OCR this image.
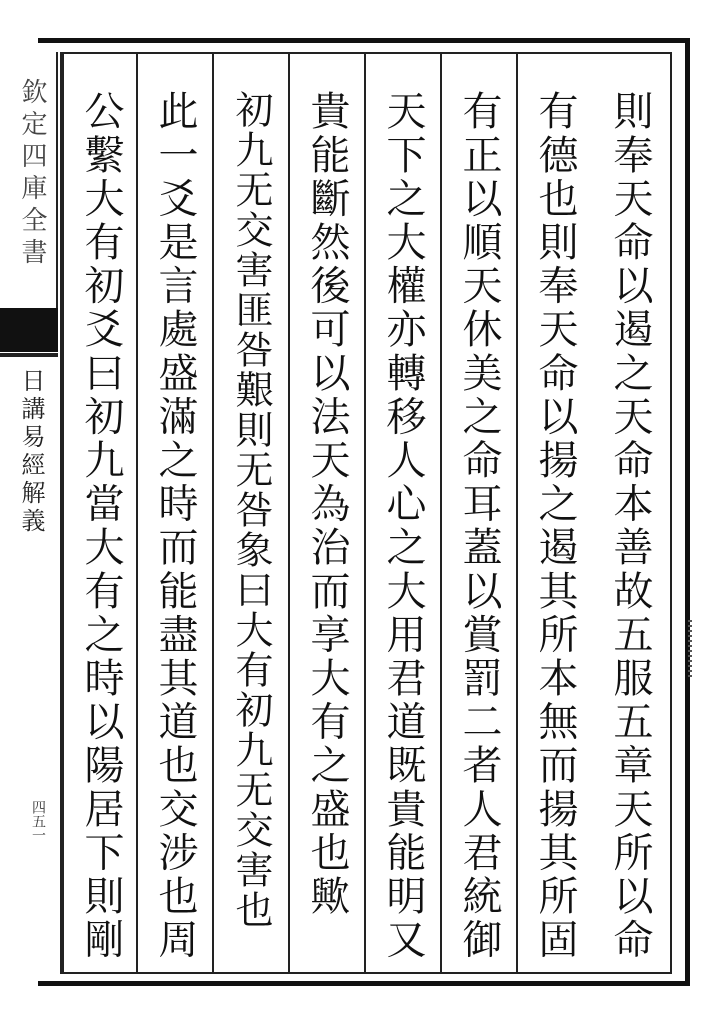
欽定四庫全書
日講易經解義
四五一	則奉天命以遏之天命本善故五服五章天所以命
有德也則奉天命以揚之遏其所本無而揚其所固
有正以順天休美之命耳蓋以賞罰二者人君統御
天下之大權亦轉移人心之大用君道既貴能明又
貴能斷然後可以法天為治而享大有之盛也歟
初九无交害匪咎艱則无咎象曰大有初九无交害也
此一爻是言處盛滿之時而能盡其道也交涉也周
公繫大有初爻曰初九當大有之時以陽居下則剛
